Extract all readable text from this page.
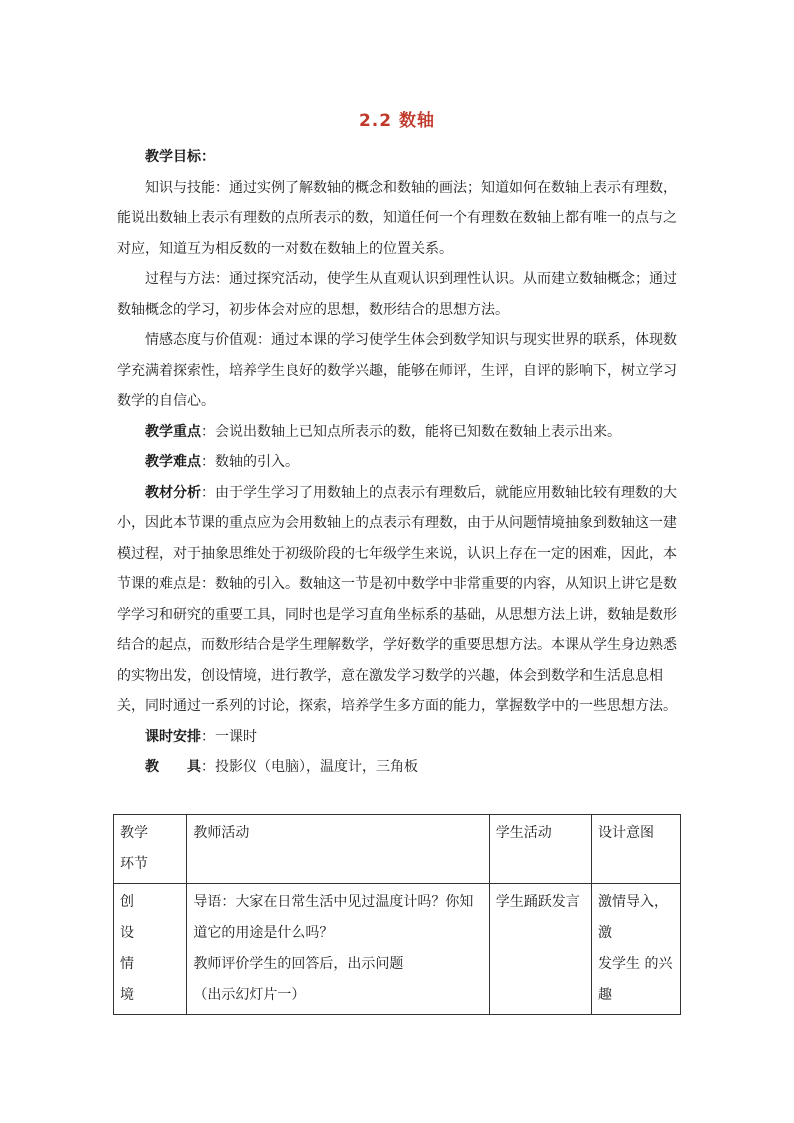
2.2 数轴

教学目标：

知识与技能：通过实例了解数轴的概念和数轴的画法；知道如何在数轴上表示有理数，能说出数轴上表示有理数的点所表示的数，知道任何一个有理数在数轴上都有唯一的点与之对应，知道互为相反数的一对数在数轴上的位置关系。

过程与方法：通过探究活动，使学生从直观认识到理性认识。从而建立数轴概念；通过数轴概念的学习，初步体会对应的思想，数形结合的思想方法。

情感态度与价值观：通过本课的学习使学生体会到数学知识与现实世界的联系，体现数学充满着探索性，培养学生良好的数学兴趣，能够在师评，生评，自评的影响下，树立学习数学的自信心。

教学重点：会说出数轴上已知点所表示的数，能将已知数在数轴上表示出来。

教学难点：数轴的引入。

教材分析：由于学生学习了用数轴上的点表示有理数后，就能应用数轴比较有理数的大小，因此本节课的重点应为会用数轴上的点表示有理数，由于从问题情境抽象到数轴这一建模过程，对于抽象思维处于初级阶段的七年级学生来说，认识上存在一定的困难，因此，本节课的难点是：数轴的引入。数轴这一节是初中数学中非常重要的内容，从知识上讲它是数学学习和研究的重要工具，同时也是学习直角坐标系的基础，从思想方法上讲，数轴是数形结合的起点，而数形结合是学生理解数学，学好数学的重要思想方法。本课从学生身边熟悉的实物出发，创设情境，进行教学，意在激发学习数学的兴趣，体会到数学和生活息息相关，同时通过一系列的讨论，探索，培养学生多方面的能力，掌握数学中的一些思想方法。

课时安排：一课时

教 具：投影仪（电脑），温度计，三角板

教学
环节	教师活动	学生活动	设计意图

创
设
情
境	导语：大家在日常生活中见过温度计吗？你知
道它的用途是什么吗？
教师评价学生的回答后，出示问题
（出示幻灯片一）	学生踊跃发言	激情导入，激
发学生 的兴
趣
